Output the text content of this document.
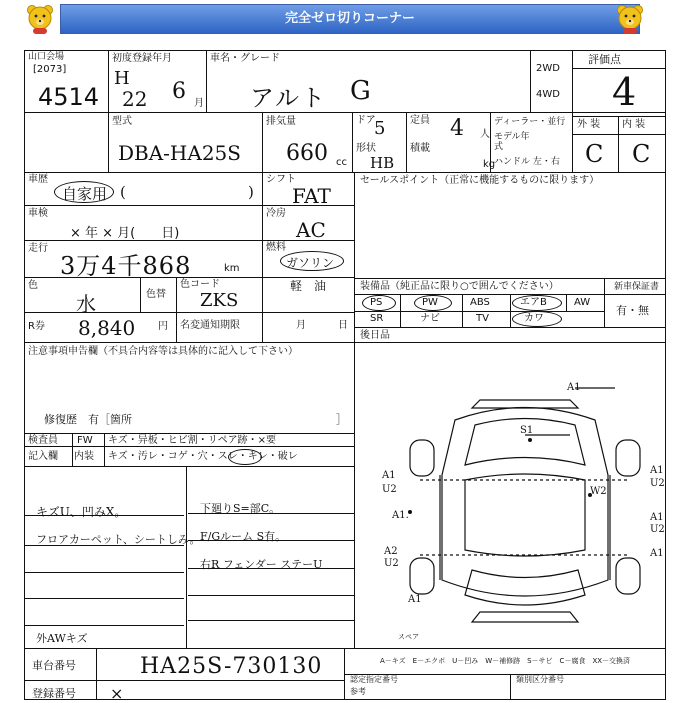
完全ゼロ切りコーナー
山口会場
[2073]
4514
初度登録年月
H
22 6 月
車名・グレード
アルト G
2WD
4WD
評価点
4
型式
DBA-HA25S
排気量
660 cc
ドア
5 定員 4 人
形状
HB
積載
kg
ディーラー・並行
モデル年式
ハンドル 左・右
外 装 内 装
C C
車歴
自家用 (	)
シフト
FAT
車検
× 年 × 月(　　日)
冷房
AC
走行
3万4千868	km
燃料
ガソリン
軽　油
色
水	色替
色コード
ZKS
R券 8,840 円 名変通知期限	月	日
セールスポイント（正常に機能するものに限ります）
装備品（純正品に限り○で囲んでください）	新車保証書
PS	PW	ABS	エアB	AW
SR	ナビ	TV	カワ
有・無
後日品
注意事項申告欄（不具合内容等は具体的に記入して下さい）
修復歴　有［箇所	］
検査員
記入欄
FW キズ・异板・ヒビ割・リペア跡・×要
内装 キズ・汚レ・コゲ・穴・スレ・キレ・破レ
キズU、凹みX。
フロアカーペット、シートしみ。
下廻りS=部C。
F/Gルーム S有。
右R フェンダー ステーU
外AWキズ
A1
S1
A1
U2
A1.
A2
U2
W2
A1
U2
A1
U2
A1
A1
スペア
車台番号	HA25S-730130
登録番号 ×
A－キズ　E－エクボ　U－凹み　W－補修跡　S－サビ　C－腐食　XX－交換済
認定指定番号
参考
類別区分番号
